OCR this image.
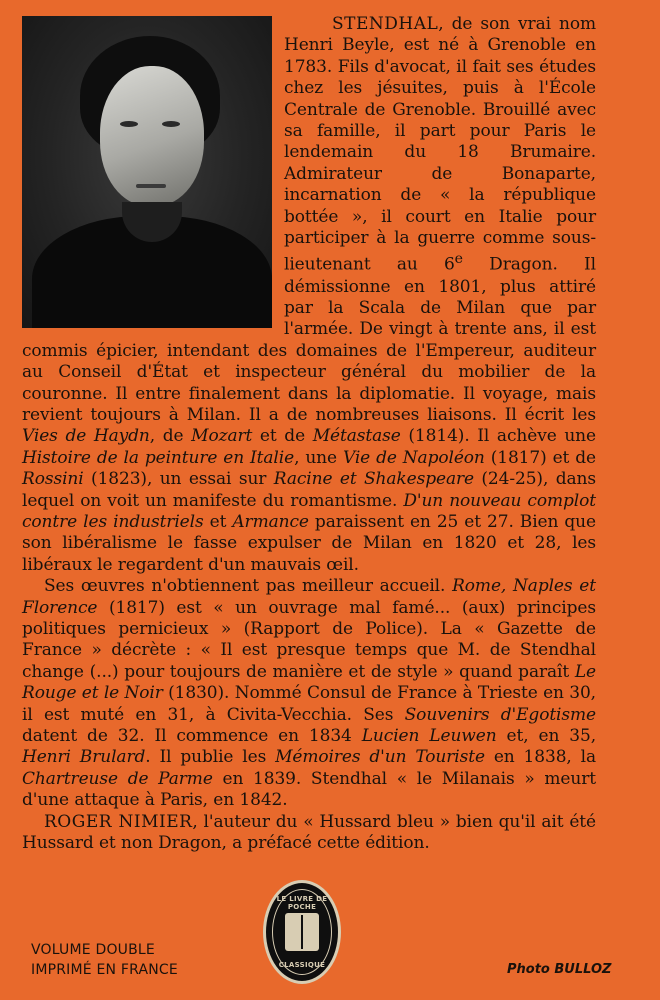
STENDHAL, de son vrai nom Henri Beyle, est né à Grenoble en 1783. Fils d'avocat, il fait ses études chez les jésuites, puis à l'École Centrale de Grenoble. Brouillé avec sa famille, il part pour Paris le lendemain du 18 Brumaire. Admirateur de Bonaparte, incarnation de « la république bottée », il court en Italie pour participer à la guerre comme sous-lieutenant au 6e Dragon. Il démissionne en 1801, plus attiré par la Scala de Milan que par l'armée. De vingt à trente ans, il est commis épicier, intendant des domaines de l'Empereur, auditeur au Conseil d'État et inspecteur général du mobilier de la couronne. Il entre finalement dans la diplomatie. Il voyage, mais revient toujours à Milan. Il a de nombreuses liaisons. Il écrit les Vies de Haydn, de Mozart et de Métastase (1814). Il achève une Histoire de la peinture en Italie, une Vie de Napoléon (1817) et de Rossini (1823), un essai sur Racine et Shakespeare (24-25), dans lequel on voit un manifeste du romantisme. D'un nouveau complot contre les industriels et Armance paraissent en 25 et 27. Bien que son libéralisme le fasse expulser de Milan en 1820 et 28, les libéraux le regardent d'un mauvais œil.

Ses œuvres n'obtiennent pas meilleur accueil. Rome, Naples et Florence (1817) est « un ouvrage mal famé... (aux) principes politiques pernicieux » (Rapport de Police). La « Gazette de France » décrète : « Il est presque temps que M. de Stendhal change (...) pour toujours de manière et de style » quand paraît Le Rouge et le Noir (1830). Nommé Consul de France à Trieste en 30, il est muté en 31, à Civita-Vecchia. Ses Souvenirs d'Egotisme datent de 32. Il commence en 1834 Lucien Leuwen et, en 35, Henri Brulard. Il publie les Mémoires d'un Touriste en 1838, la Chartreuse de Parme en 1839. Stendhal « le Milanais » meurt d'une attaque à Paris, en 1842.

ROGER NIMIER, l'auteur du « Hussard bleu » bien qu'il ait été Hussard et non Dragon, a préfacé cette édition.

LE LIVRE DE POCHE
CLASSIQUE
VOLUME DOUBLE
IMPRIMÉ EN FRANCE	Photo BULLOZ
